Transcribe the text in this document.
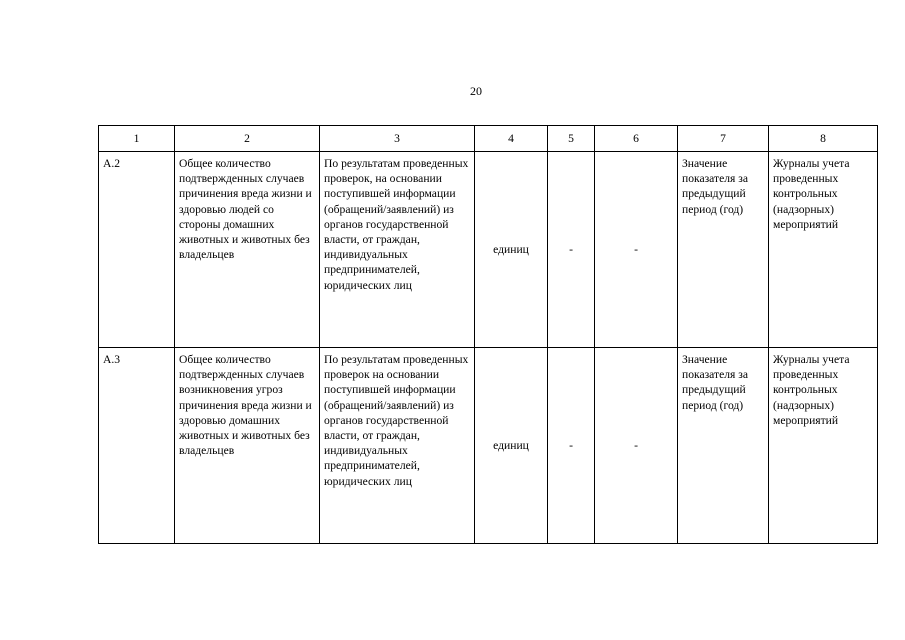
20
1	2	3	4	5	6	7	8
А.2	Общее количество подтвержденных случаев причинения вреда жизни и здоровью людей со стороны домашних животных и животных без владельцев	По результатам проведенных проверок, на основании поступившей информации (обращений/заявлений) из органов государственной власти, от граждан, индивидуальных предпринимателей, юридических лиц	единиц	-	-	Значение показателя за предыдущий период (год)	Журналы учета проведенных контрольных (надзорных) мероприятий
А.3	Общее количество подтвержденных случаев возникновения угроз причинения вреда жизни и здоровью домашних животных и животных без владельцев	По результатам проведенных проверок на основании поступившей информации (обращений/заявлений) из органов государственной власти, от граждан, индивидуальных предпринимателей, юридических лиц	единиц	-	-	Значение показателя за предыдущий период (год)	Журналы учета проведенных контрольных (надзорных) мероприятий
